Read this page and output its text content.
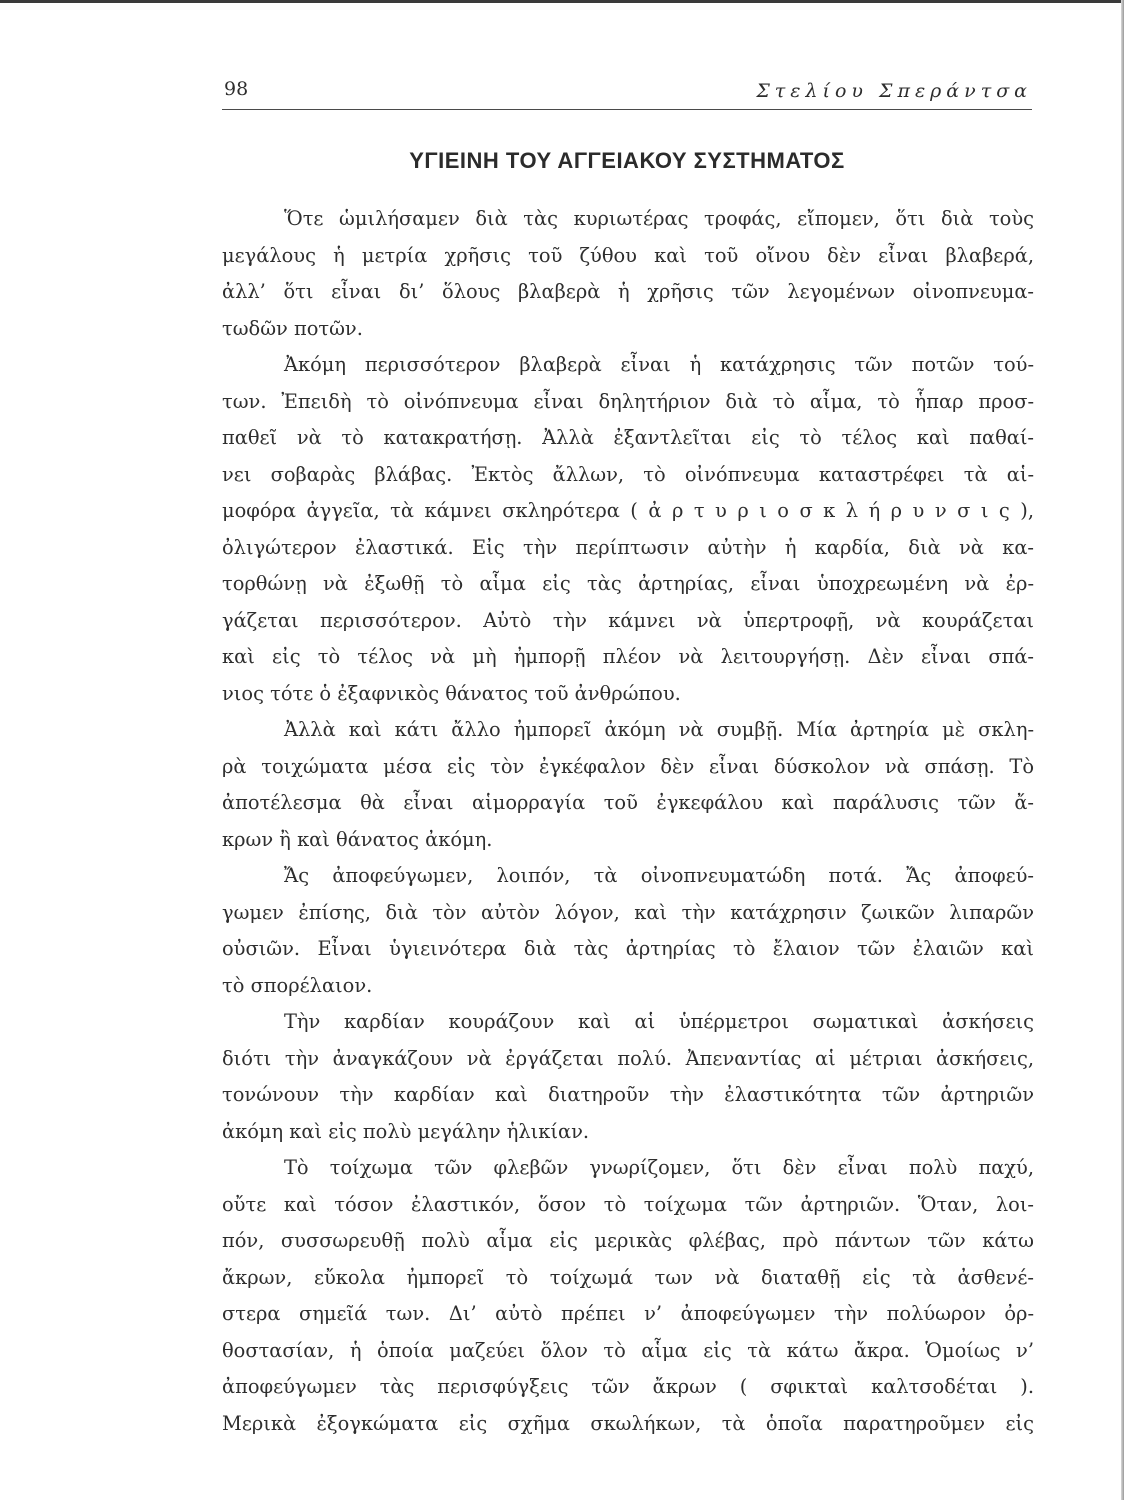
98	Στελίου Σπεράντσα
ΥΓΙΕΙΝΗ ΤΟΥ ΑΓΓΕΙΑΚΟΥ ΣΥΣΤΗΜΑΤΟΣ

Ὅτε ὡμιλήσαμεν διὰ τὰς κυριωτέρας τροφάς, εἴπομεν, ὅτι διὰ τοὺς
μεγάλους ἡ μετρία χρῆσις τοῦ ζύθου καὶ τοῦ οἴνου δὲν εἶναι βλαβερά,
ἀλλ’ ὅτι εἶναι δι’ ὅλους βλαβερὰ ἡ χρῆσις τῶν λεγομένων οἰνοπνευμα-
τωδῶν ποτῶν.

Ἀκόμη περισσότερον βλαβερὰ εἶναι ἡ κατάχρησις τῶν ποτῶν τού-
των. Ἐπειδὴ τὸ οἰνόπνευμα εἶναι δηλητήριον διὰ τὸ αἷμα, τὸ ἧπαρ προσ-
παθεῖ νὰ τὸ κατακρατήσῃ. Ἀλλὰ ἐξαντλεῖται εἰς τὸ τέλος καὶ παθαί-
νει σοβαρὰς βλάβας. Ἐκτὸς ἄλλων, τὸ οἰνόπνευμα καταστρέφει τὰ αἱ-
μοφόρα ἀγγεῖα, τὰ κάμνει σκληρότερα ( ἀ ρ τ υ ρ ι ο σ κ λ ή ρ υ ν σ ι ς ),
ὀλιγώτερον ἐλαστικά. Εἰς τὴν περίπτωσιν αὐτὴν ἡ καρδία, διὰ νὰ κα-
τορθώνῃ νὰ ἐξωθῇ τὸ αἷμα εἰς τὰς ἀρτηρίας, εἶναι ὑποχρεωμένη νὰ ἐρ-
γάζεται περισσότερον. Αὐτὸ τὴν κάμνει νὰ ὑπερτροφῇ, νὰ κουράζεται
καὶ εἰς τὸ τέλος νὰ μὴ ἠμπορῇ πλέον νὰ λειτουργήσῃ. Δὲν εἶναι σπά-
νιος τότε ὁ ἐξαφνικὸς θάνατος τοῦ ἀνθρώπου.

Ἀλλὰ καὶ κάτι ἄλλο ἠμπορεῖ ἀκόμη νὰ συμβῇ. Μία ἀρτηρία μὲ σκλη-
ρὰ τοιχώματα μέσα εἰς τὸν ἐγκέφαλον δὲν εἶναι δύσκολον νὰ σπάσῃ. Τὸ
ἀποτέλεσμα θὰ εἶναι αἱμορραγία τοῦ ἐγκεφάλου καὶ παράλυσις τῶν ἄ-
κρων ἢ καὶ θάνατος ἀκόμη.

Ἄς ἀποφεύγωμεν, λοιπόν, τὰ οἰνοπνευματώδη ποτά. Ἄς ἀποφεύ-
γωμεν ἐπίσης, διὰ τὸν αὐτὸν λόγον, καὶ τὴν κατάχρησιν ζωικῶν λιπαρῶν
οὐσιῶν. Εἶναι ὑγιεινότερα διὰ τὰς ἀρτηρίας τὸ ἔλαιον τῶν ἐλαιῶν καὶ
τὸ σπορέλαιον.

Τὴν καρδίαν κουράζουν καὶ αἱ ὑπέρμετροι σωματικαὶ ἀσκήσεις
διότι τὴν ἀναγκάζουν νὰ ἐργάζεται πολύ. Ἀπεναντίας αἱ μέτριαι ἀσκήσεις,
τονώνουν τὴν καρδίαν καὶ διατηροῦν τὴν ἐλαστικότητα τῶν ἀρτηριῶν
ἀκόμη καὶ εἰς πολὺ μεγάλην ἡλικίαν.

Τὸ τοίχωμα τῶν φλεβῶν γνωρίζομεν, ὅτι δὲν εἶναι πολὺ παχύ,
οὔτε καὶ τόσον ἐλαστικόν, ὅσον τὸ τοίχωμα τῶν ἀρτηριῶν. Ὅταν, λοι-
πόν, συσσωρευθῇ πολὺ αἷμα εἰς μερικὰς φλέβας, πρὸ πάντων τῶν κάτω
ἄκρων, εὔκολα ἠμπορεῖ τὸ τοίχωμά των νὰ διαταθῇ εἰς τὰ ἀσθενέ-
στερα σημεῖά των. Δι’ αὐτὸ πρέπει ν’ ἀποφεύγωμεν τὴν πολύωρον ὀρ-
θοστασίαν, ἡ ὁποία μαζεύει ὅλον τὸ αἷμα εἰς τὰ κάτω ἄκρα. Ὁμοίως ν’
ἀποφεύγωμεν τὰς περισφύγξεις τῶν ἄκρων ( σφικταὶ καλτσοδέται ).
Μερικὰ ἐξογκώματα εἰς σχῆμα σκωλήκων, τὰ ὁποῖα παρατηροῦμεν εἰς
